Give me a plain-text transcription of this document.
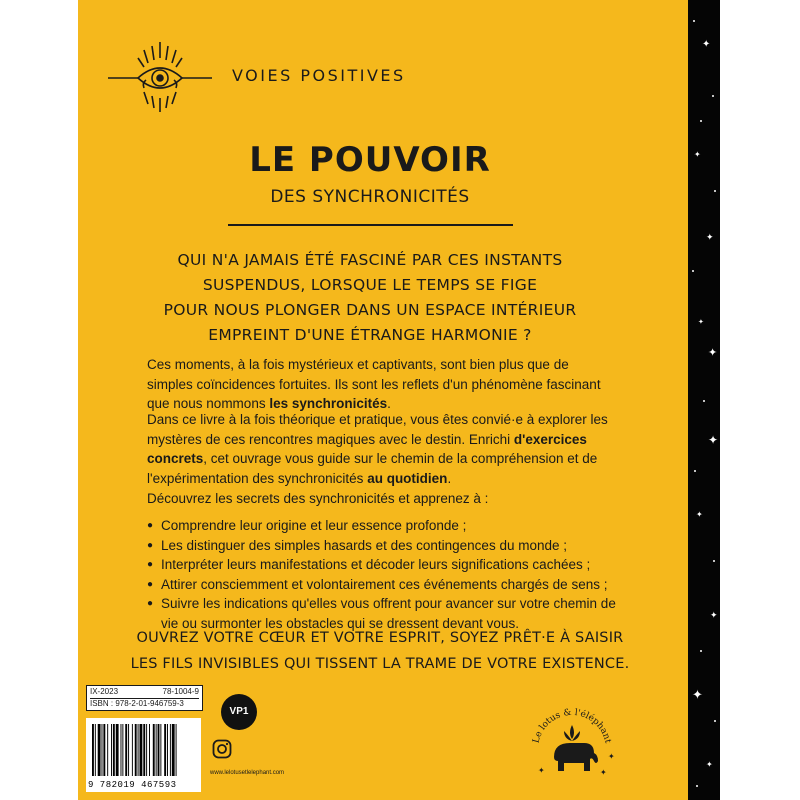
✦
✦
✦
✦
✦
✦
✦
✦
✦
✦
VOIES POSITIVES
LE POUVOIR
DES SYNCHRONICITÉS
QUI N'A JAMAIS ÉTÉ FASCINÉ PAR CES INSTANTS
SUSPENDUS, LORSQUE LE TEMPS SE FIGE
POUR NOUS PLONGER DANS UN ESPACE INTÉRIEUR
EMPREINT D'UNE ÉTRANGE HARMONIE ?
Ces moments, à la fois mystérieux et captivants, sont bien plus que de simples coïncidences fortuites. Ils sont les reflets d'un phénomène fascinant que nous nommons les synchronicités.
Dans ce livre à la fois théorique et pratique, vous êtes convié·e à explorer les mystères de ces rencontres magiques avec le destin. Enrichi d'exercices concrets, cet ouvrage vous guide sur le chemin de la compréhension et de l'expérimentation des synchronicités au quotidien.
Découvrez les secrets des synchronicités et apprenez à :
● Comprendre leur origine et leur essence profonde ;
● Les distinguer des simples hasards et des contingences du monde ;
● Interpréter leurs manifestations et décoder leurs significations cachées ;
● Attirer consciemment et volontairement ces événements chargés de sens ;
● Suivre les indications qu'elles vous offrent pour avancer sur votre chemin de vie ou surmonter les obstacles qui se dressent devant vous.
OUVREZ VOTRE CŒUR ET VOTRE ESPRIT, SOYEZ PRÊT·E À SAISIR
LES FILS INVISIBLES QUI TISSENT LA TRAME DE VOTRE EXISTENCE.
IX-2023	78-1004-9
ISBN : 978-2-01-946759-3
9 782019 467593
VP1
www.lelotusetlelephant.com
Le lotus & l'éléphant
✦	✦
✦
